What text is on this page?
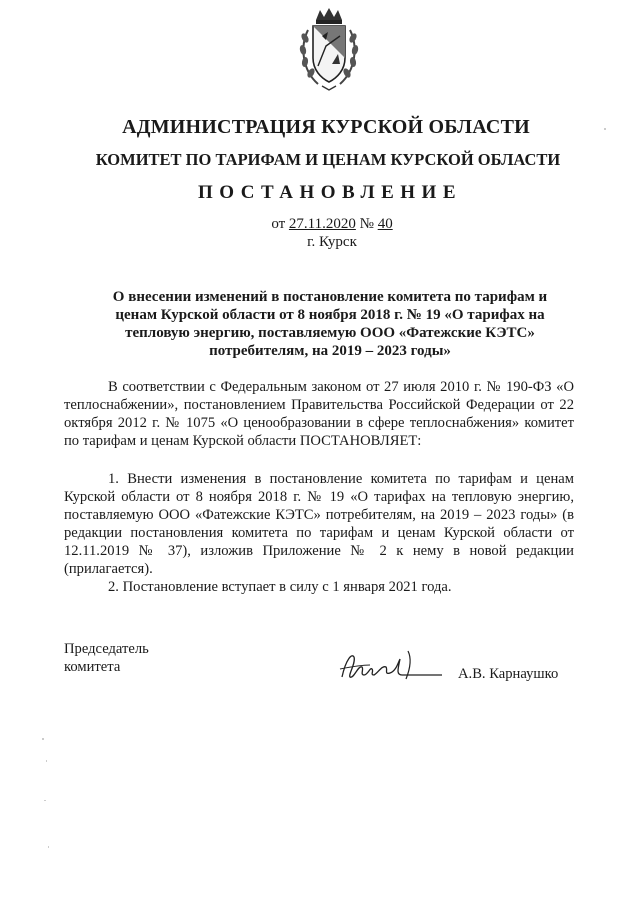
АДМИНИСТРАЦИЯ КУРСКОЙ ОБЛАСТИ
КОМИТЕТ ПО ТАРИФАМ И ЦЕНАМ КУРСКОЙ ОБЛАСТИ
ПОСТАНОВЛЕНИЕ
от 27.11.2020 № 40
г. Курск
О внесении изменений в постановление комитета по тарифам и ценам Курской области от 8 ноября 2018 г. № 19 «О тарифах на тепловую энергию, поставляемую ООО «Фатежские КЭТС» потребителям, на 2019 – 2023 годы»
В соответствии с Федеральным законом от 27 июля 2010 г. № 190-ФЗ «О теплоснабжении», постановлением Правительства Российской Федерации от 22 октября 2012 г. № 1075 «О ценообразовании в сфере теплоснабжения» комитет по тарифам и ценам Курской области ПОСТАНОВЛЯЕТ:
1. Внести изменения в постановление комитета по тарифам и ценам Курской области от 8 ноября 2018 г. № 19 «О тарифах на тепловую энергию, поставляемую ООО «Фатежские КЭТС» потребителям, на 2019 – 2023 годы» (в редакции постановления комитета по тарифам и ценам Курской области от 12.11.2019 № 37), изложив Приложение № 2 к нему в новой редакции (прилагается).
2. Постановление вступает в силу с 1 января 2021 года.
Председатель
комитета	А.В. Карнаушко
